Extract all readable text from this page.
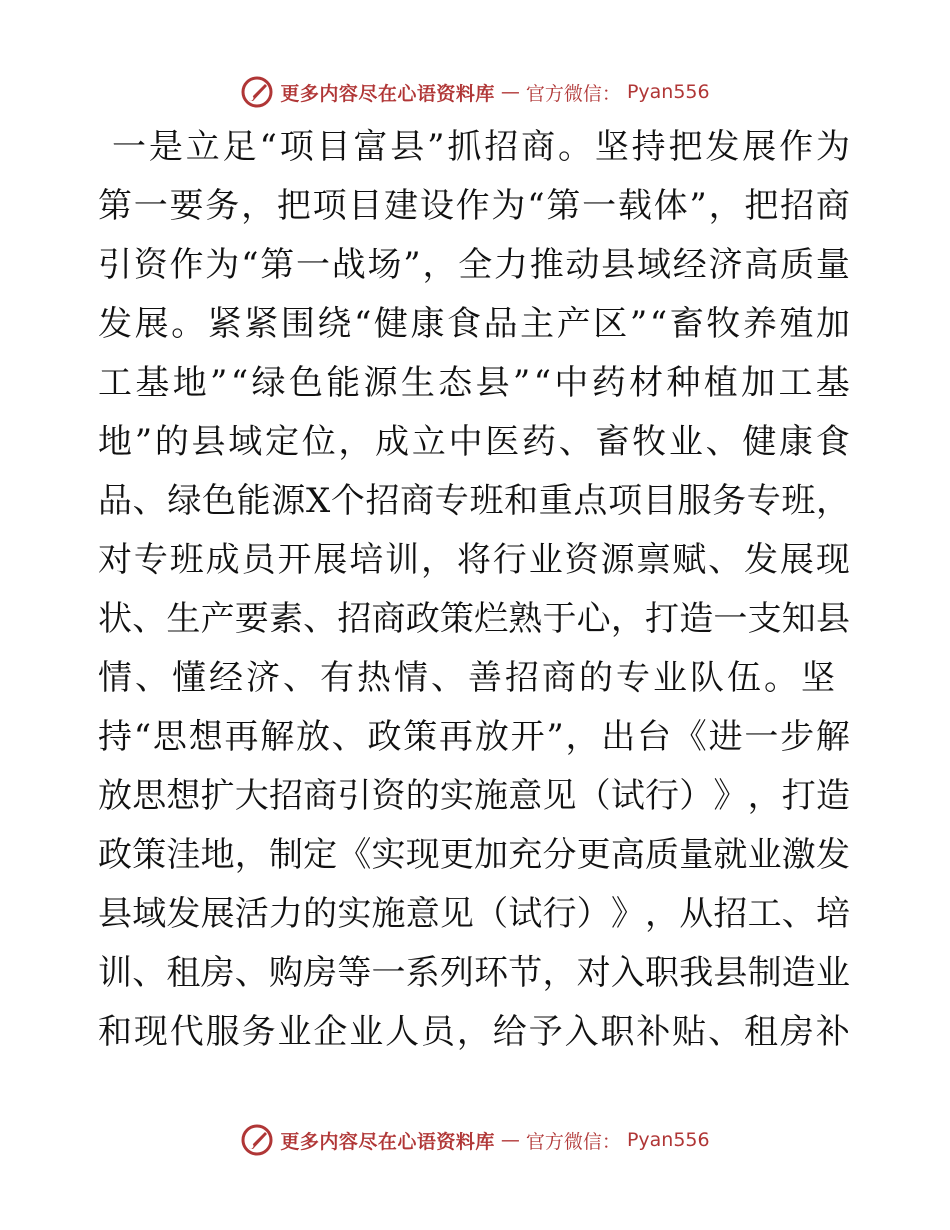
更多内容尽在心语资料库 — 官方微信： Pyan556
一 是 立 足 “ 项 目 富 县 ” 抓 招 商 。 坚 持 把 发 展 作 为
第 一 要 务 ， 把 项 目 建 设 作 为 “ 第 一 载 体 ” ， 把 招 商
引 资 作 为 “ 第 一 战 场 ” ， 全 力 推 动 县 域 经 济 高 质 量
发 展 。 紧 紧 围 绕 “ 健 康 食 品 主 产 区 ” “ 畜 牧 养 殖 加
工 基 地 ” “ 绿 色 能 源 生 态 县 ” “ 中 药 材 种 植 加 工 基
地 ” 的 县 域 定 位 ， 成 立 中 医 药 、 畜 牧 业 、 健 康 食
品 、 绿 色 能 源 X 个 招 商 专 班 和 重 点 项 目 服 务 专 班 ，
对 专 班 成 员 开 展 培 训 ， 将 行 业 资 源 禀 赋 、 发 展 现
状 、 生 产 要 素 、 招 商 政 策 烂 熟 于 心 ， 打 造 一 支 知 县
情、懂经济、有热情、善招商的专业队伍。坚
持 “ 思 想 再 解 放 、 政 策 再 放 开 ” ， 出 台 《 进 一 步 解
放 思 想 扩 大 招 商 引 资 的 实 施 意 见 （ 试 行 ） 》 ， 打 造
政 策 洼 地 ， 制 定 《 实 现 更 加 充 分 更 高 质 量 就 业 激 发
县 域 发 展 活 力 的 实 施 意 见 （ 试 行 ） 》 ， 从 招 工 、 培
训 、 租 房 、 购 房 等 一 系 列 环 节 ， 对 入 职 我 县 制 造 业
和 现 代 服 务 业 企 业 人 员 ， 给 予 入 职 补 贴 、 租 房 补
更多内容尽在心语资料库 — 官方微信： Pyan556
